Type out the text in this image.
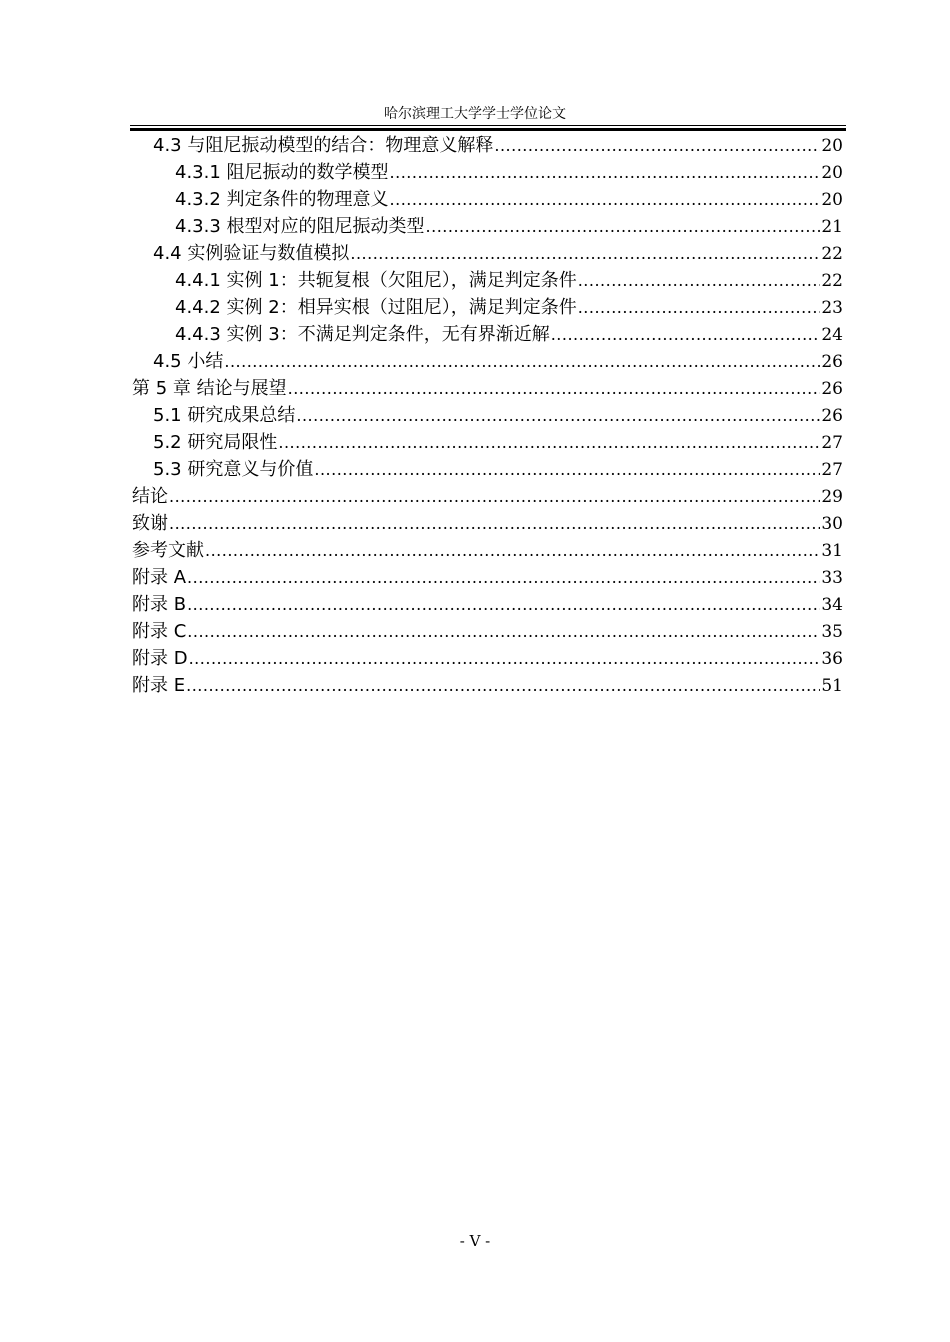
哈尔滨理工大学学士学位论文
4.3 与阻尼振动模型的结合：物理意义解释 .....	20
4.3.1 阻尼振动的数学模型 .....	20
4.3.2 判定条件的物理意义 .....	20
4.3.3 根型对应的阻尼振动类型 .....	21
4.4 实例验证与数值模拟 .....	22
4.4.1 实例 1：共轭复根（欠阻尼），满足判定条件 .....	22
4.4.2 实例 2：相异实根（过阻尼），满足判定条件 .....	23
4.4.3 实例 3：不满足判定条件，无有界渐近解 .....	24
4.5 小结 .....	26
第 5 章 结论与展望 .....	26
5.1 研究成果总结 .....	26
5.2 研究局限性 .....	27
5.3 研究意义与价值 .....	27
结论 .....	29
致谢 .....	30
参考文献 .....	31
附录 A .....	33
附录 B .....	34
附录 C .....	35
附录 D .....	36
附录 E .....	51
- V -
